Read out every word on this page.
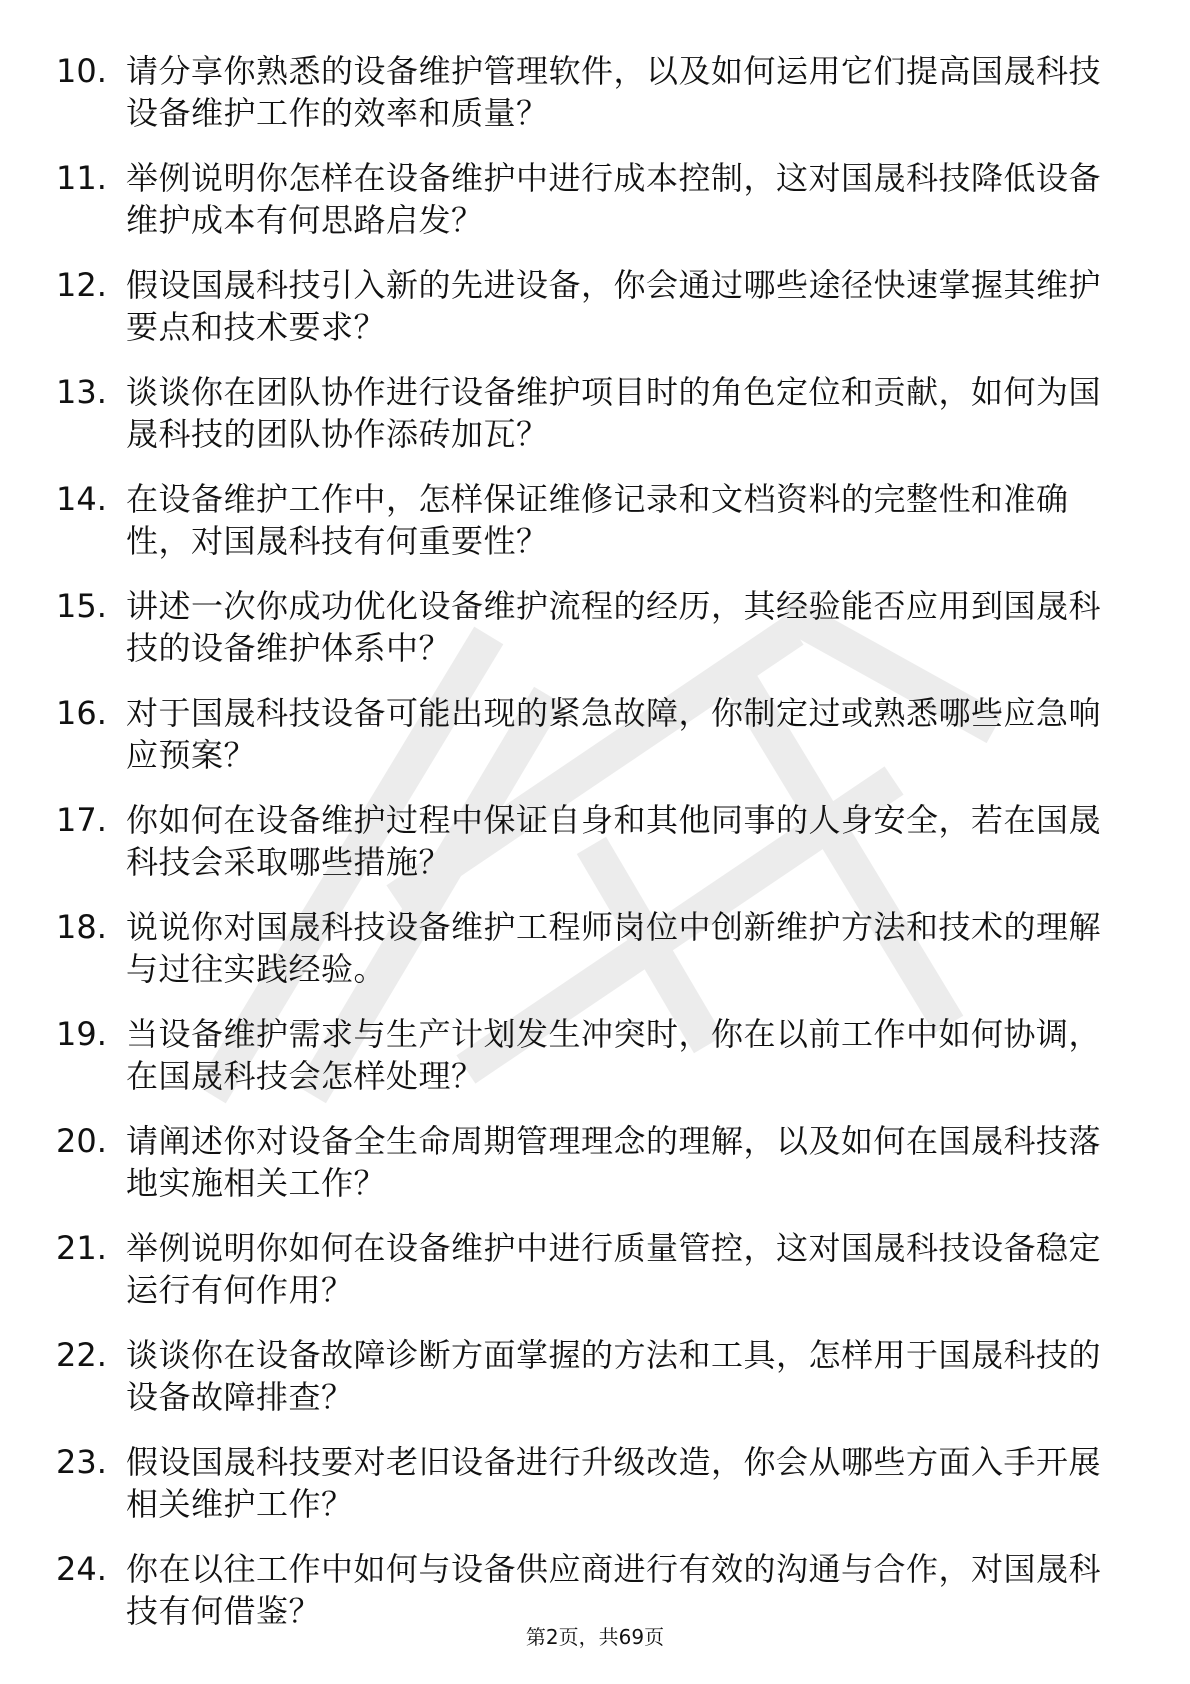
10. 请分享你熟悉的设备维护管理软件，以及如何运用它们提高国晟科技设备维护工作的效率和质量？
11. 举例说明你怎样在设备维护中进行成本控制，这对国晟科技降低设备维护成本有何思路启发？
12. 假设国晟科技引入新的先进设备，你会通过哪些途径快速掌握其维护要点和技术要求？
13. 谈谈你在团队协作进行设备维护项目时的角色定位和贡献，如何为国晟科技的团队协作添砖加瓦？
14. 在设备维护工作中，怎样保证维修记录和文档资料的完整性和准确性，对国晟科技有何重要性？
15. 讲述一次你成功优化设备维护流程的经历，其经验能否应用到国晟科技的设备维护体系中？
16. 对于国晟科技设备可能出现的紧急故障，你制定过或熟悉哪些应急响应预案？
17. 你如何在设备维护过程中保证自身和其他同事的人身安全，若在国晟科技会采取哪些措施？
18. 说说你对国晟科技设备维护工程师岗位中创新维护方法和技术的理解与过往实践经验。
19. 当设备维护需求与生产计划发生冲突时，你在以前工作中如何协调，在国晟科技会怎样处理？
20. 请阐述你对设备全生命周期管理理念的理解，以及如何在国晟科技落地实施相关工作？
21. 举例说明你如何在设备维护中进行质量管控，这对国晟科技设备稳定运行有何作用？
22. 谈谈你在设备故障诊断方面掌握的方法和工具，怎样用于国晟科技的设备故障排查？
23. 假设国晟科技要对老旧设备进行升级改造，你会从哪些方面入手开展相关维护工作？
24. 你在以往工作中如何与设备供应商进行有效的沟通与合作，对国晟科技有何借鉴？
第2页，共69页
